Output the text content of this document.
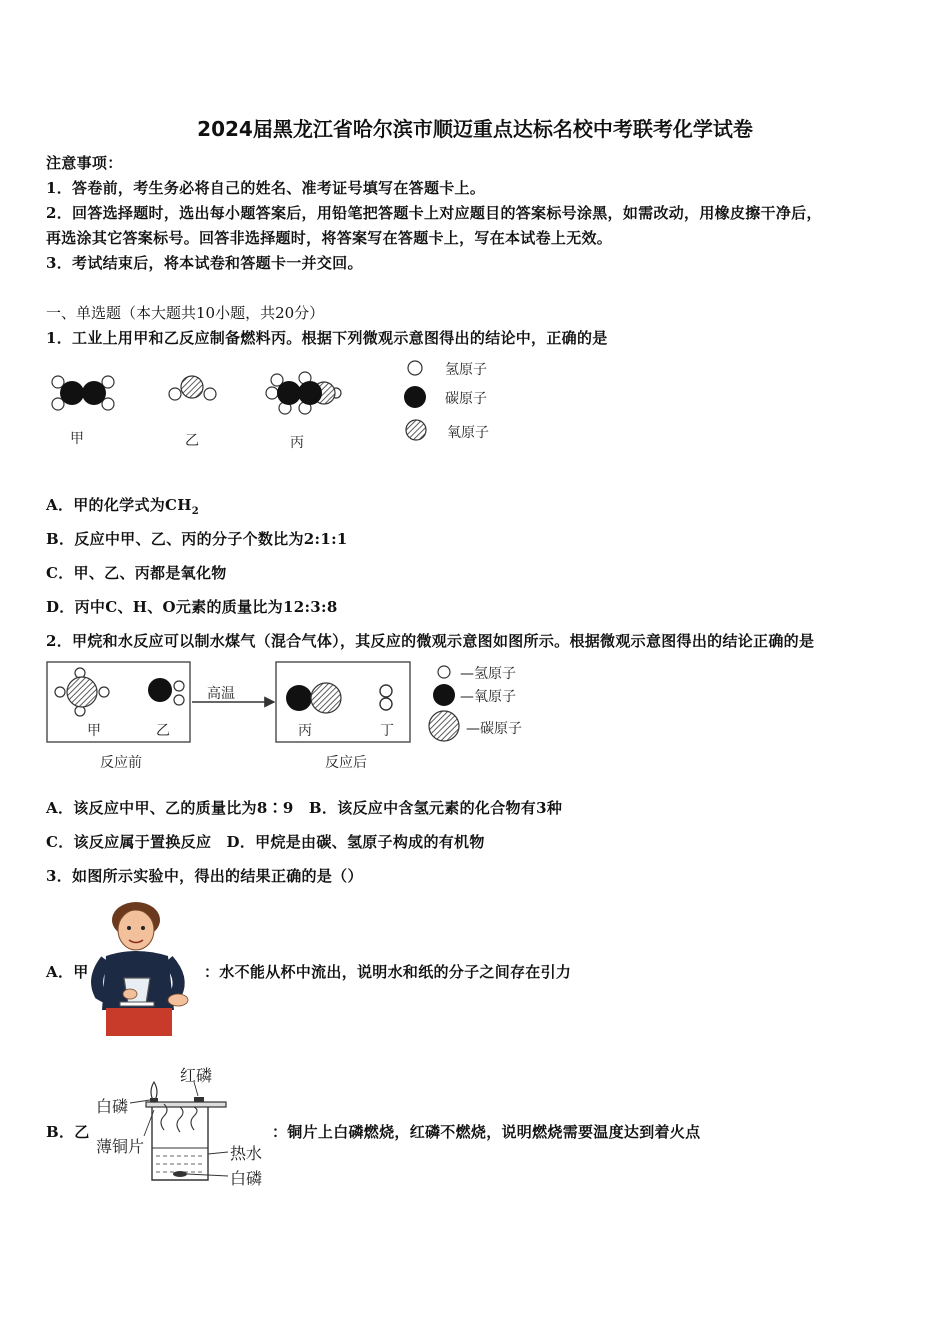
2024届黑龙江省哈尔滨市顺迈重点达标名校中考联考化学试卷
注意事项：
1．答卷前，考生务必将自己的姓名、准考证号填写在答题卡上。
2．回答选择题时，选出每小题答案后，用铅笔把答题卡上对应题目的答案标号涂黑，如需改动，用橡皮擦干净后，
再选涂其它答案标号。回答非选择题时，将答案写在答题卡上，写在本试卷上无效。
3．考试结束后，将本试卷和答题卡一并交回。
一、单选题（本大题共10小题，共20分）
1．工业上用甲和乙反应制备燃料丙。根据下列微观示意图得出的结论中，正确的是
甲	乙	丙
氢原子
碳原子
氧原子
A．甲的化学式为$CH_2$
B．反应中甲、乙、丙的分子个数比为2:1:1
C．甲、乙、丙都是氧化物
D．丙中C、H、O元素的质量比为12:3:8
2．甲烷和水反应可以制水煤气（混合气体），其反应的微观示意图如图所示。根据微观示意图得出的结论正确的是
甲	乙	丙	丁
高温
反应前	反应后
—氢原子
—氧原子
—碳原子
A．该反应中甲、乙的质量比为8∶9　B．该反应中含氢元素的化合物有3种
C．该反应属于置换反应　D．甲烷是由碳、氢原子构成的有机物
3．如图所示实验中，得出的结果正确的是（）
A．甲	：水不能从杯中流出，说明水和纸的分子之间存在引力
B．乙
红磷
白磷
薄铜片	热水
白磷
：铜片上白磷燃烧，红磷不燃烧，说明燃烧需要温度达到着火点
